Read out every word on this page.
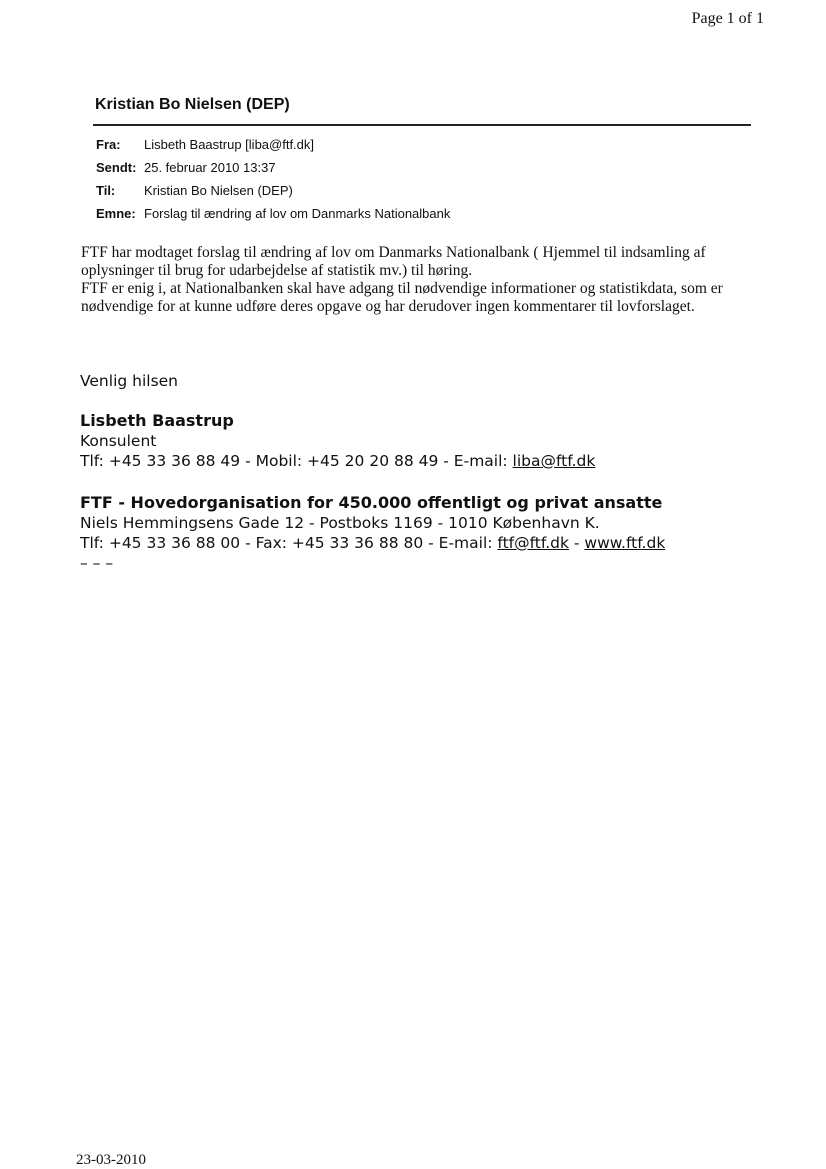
Page 1 of 1
Kristian Bo Nielsen (DEP)
Fra: Lisbeth Baastrup [liba@ftf.dk]
Sendt: 25. februar 2010 13:37
Til: Kristian Bo Nielsen (DEP)
Emne: Forslag til ændring af lov om Danmarks Nationalbank

FTF har modtaget forslag til ændring af lov om Danmarks Nationalbank ( Hjemmel til indsamling af oplysninger til brug for udarbejdelse af statistik mv.) til høring.

FTF er enig i, at Nationalbanken skal have adgang til nødvendige informationer og statistikdata, som er nødvendige for at kunne udføre deres opgave og har derudover ingen kommentarer til lovforslaget.

Venlig hilsen
Lisbeth Baastrup
Konsulent
Tlf: +45 33 36 88 49 - Mobil: +45 20 20 88 49 - E-mail: liba@ftf.dk
FTF - Hovedorganisation for 450.000 offentligt og privat ansatte
Niels Hemmingsens Gade 12 - Postboks 1169 - 1010 København K.
Tlf: +45 33 36 88 00 - Fax: +45 33 36 88 80 - E-mail: ftf@ftf.dk - www.ftf.dk
– – –
23-03-2010
